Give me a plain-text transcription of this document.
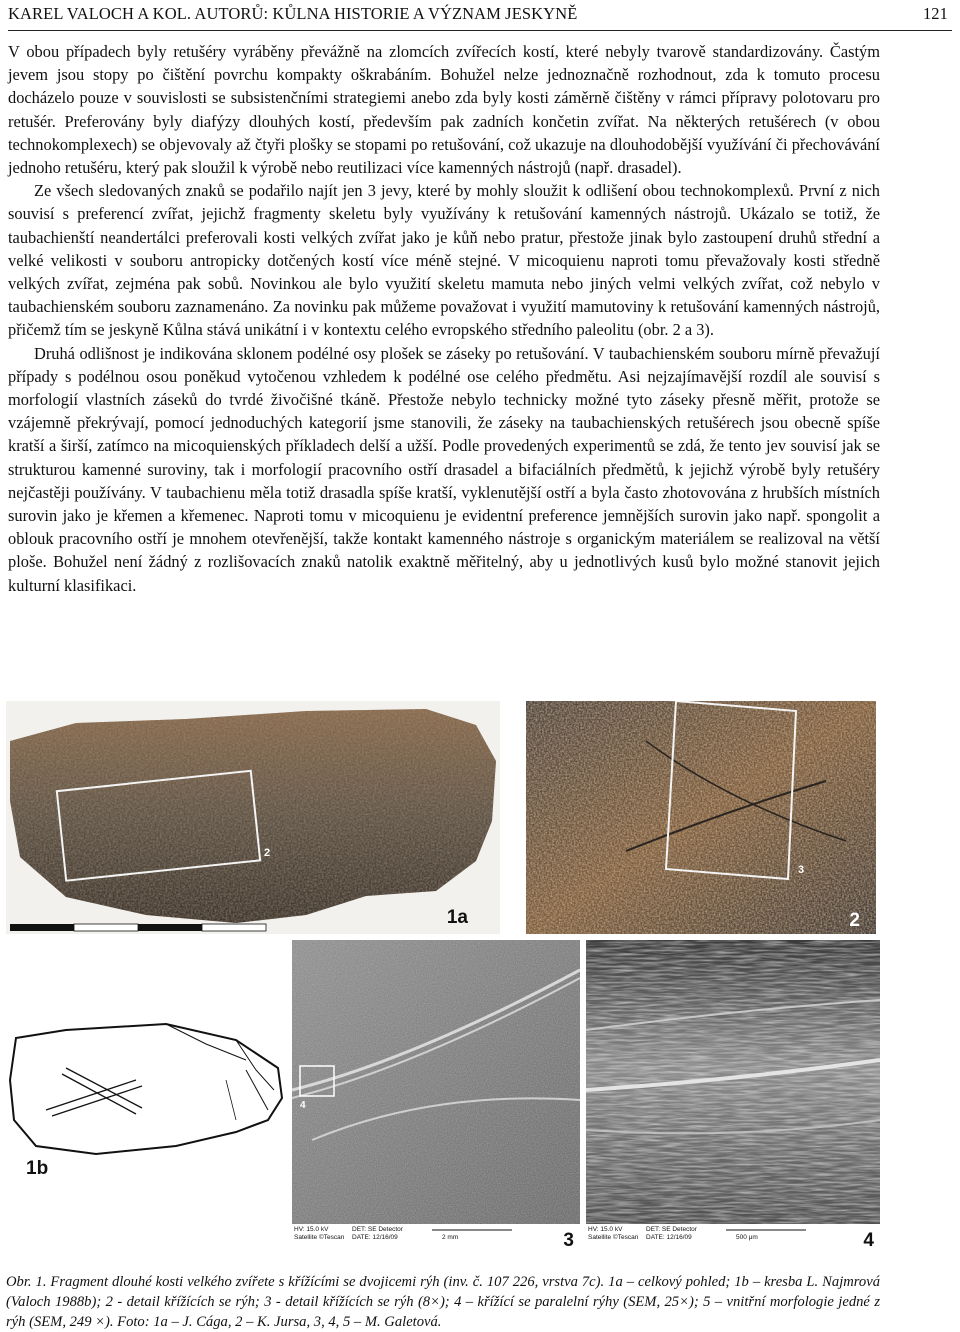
KAREL VALOCH A KOL. AUTORŮ: KŮLNA HISTORIE A VÝZNAM JESKYNĚ	121

V obou případech byly retušéry vyráběny převážně na zlomcích zvířecích kostí, které nebyly tvarově standardizovány. Častým jevem jsou stopy po čištění povrchu kompakty oškrabáním. Bohužel nelze jednoznačně rozhodnout, zda k tomuto procesu docházelo pouze v souvislosti se subsistenčními strategiemi anebo zda byly kosti záměrně čištěny v rámci přípravy polotovaru pro retušér. Preferovány byly diafýzy dlouhých kostí, především pak zadních končetin zvířat. Na některých retušérech (v obou technokomplexech) se objevovaly až čtyři plošky se stopami po retušování, což ukazuje na dlouhodobější využívání či přechovávání jednoho retušéru, který pak sloužil k výrobě nebo reutilizaci více kamenných nástrojů (např. drasadel).

Ze všech sledovaných znaků se podařilo najít jen 3 jevy, které by mohly sloužit k odlišení obou technokomplexů. První z nich souvisí s preferencí zvířat, jejichž fragmenty skeletu byly využívány k retušování kamenných nástrojů. Ukázalo se totiž, že taubachienští neandertálci preferovali kosti velkých zvířat jako je kůň nebo pratur, přestože jinak bylo zastoupení druhů střední a velké velikosti v souboru antropicky dotčených kostí více méně stejné. V micoquienu naproti tomu převažovaly kosti středně velkých zvířat, zejména pak sobů. Novinkou ale bylo využití skeletu mamuta nebo jiných velmi velkých zvířat, což nebylo v taubachienském souboru zaznamenáno. Za novinku pak můžeme považovat i využití mamutoviny k retušování kamenných nástrojů, přičemž tím se jeskyně Kůlna stává unikátní i v kontextu celého evropského středního paleolitu (obr. 2 a 3).

Druhá odlišnost je indikována sklonem podélné osy plošek se záseky po retušování. V taubachienském souboru mírně převažují případy s podélnou osou poněkud vytočenou vzhledem k podélné ose celého předmětu. Asi nejzajímavější rozdíl ale souvisí s morfologií vlastních záseků do tvrdé živočišné tkáně. Přestože nebylo technicky možné tyto záseky přesně měřit, protože se vzájemně překrývají, pomocí jednoduchých kategorií jsme stanovili, že záseky na taubachienských retušérech jsou obecně spíše kratší a širší, zatímco na micoquienských příkladech delší a užší. Podle provedených experimentů se zdá, že tento jev souvisí jak se strukturou kamenné suroviny, tak i morfologií pracovního ostří drasadel a bifaciálních předmětů, k jejichž výrobě byly retušéry nejčastěji používány. V taubachienu měla totiž drasadla spíše kratší, vyklenutější ostří a byla často zhotovována z hrubších místních surovin jako je křemen a křemenec. Naproti tomu v micoquienu je evidentní preference jemnějších surovin jako např. spongolit a oblouk pracovního ostří je mnohem otevřenější, takže kontakt kamenného nástroje s organickým materiálem se realizoval na větší ploše. Bohužel není žádný z rozlišovacích znaků natolik exaktně měřitelný, aby u jednotlivých kusů bylo možné stanovit jejich kulturní klasifikaci.

2
1a
3
2
1b
4
HV: 15.0 kV	DET: SE Detector
Satellite ©Tescan DATE: 12/16/09	2 mm	3
HV: 15.0 kV	DET: SE Detector
Satellite ©Tescan DATE: 12/16/09	500 μm	4
Obr. 1. Fragment dlouhé kosti velkého zvířete s křížícími se dvojicemi rýh (inv. č. 107 226, vrstva 7c). 1a – celkový pohled; 1b – kresba L. Najmrová (Valoch 1988b); 2 - detail křížících se rýh; 3 - detail křížících se rýh (8×); 4 – křížící se paralelní rýhy (SEM, 25×); 5 – vnitřní morfologie jedné z rýh (SEM, 249 ×). Foto: 1a – J. Cága, 2 – K. Jursa, 3, 4, 5 – M. Galetová.
